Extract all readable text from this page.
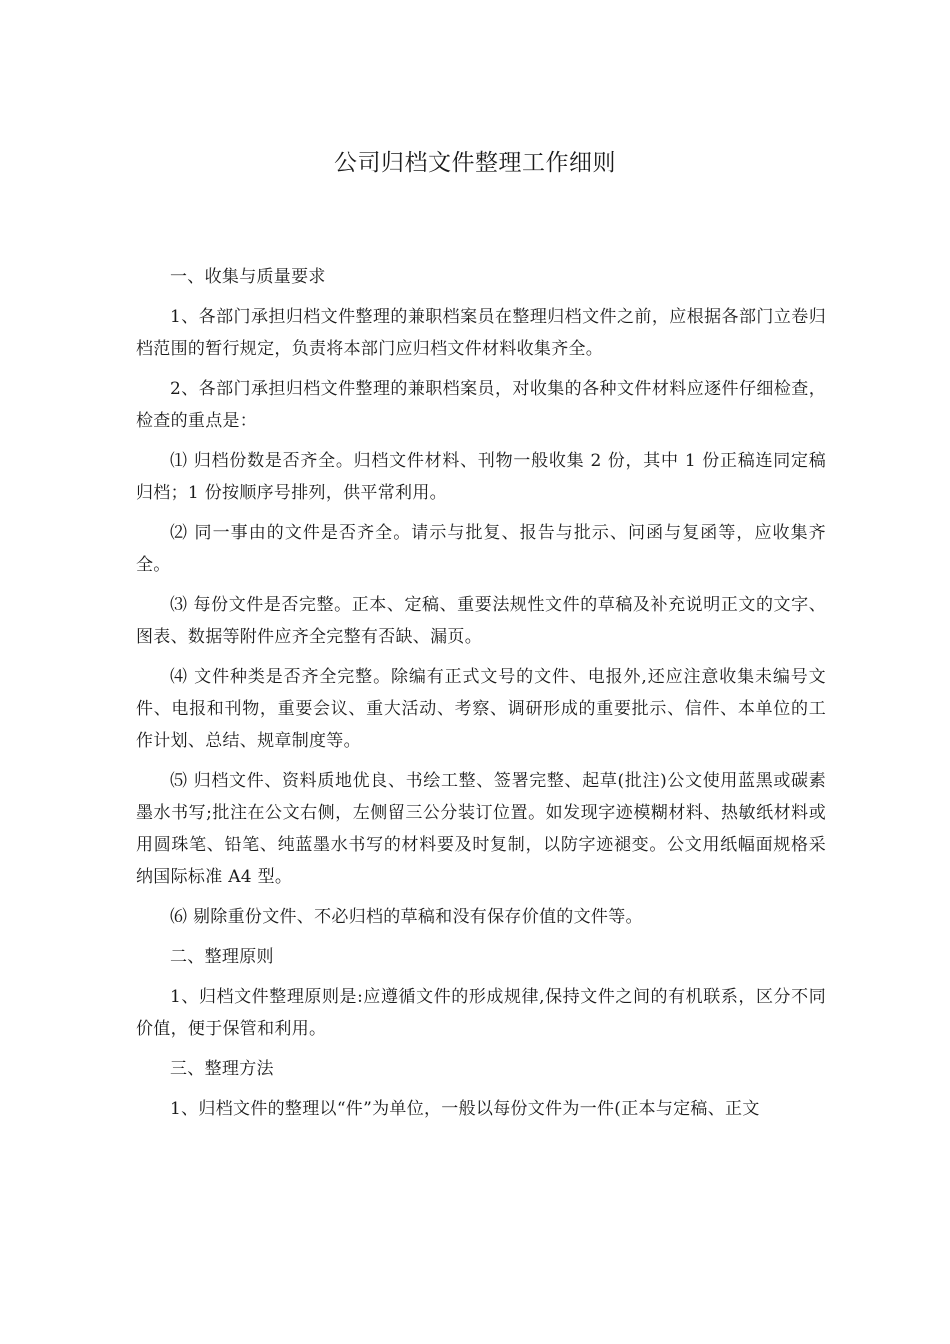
公司归档文件整理工作细则

一、收集与质量要求

1、各部门承担归档文件整理的兼职档案员在整理归档文件之前，应根据各部门立卷归档范围的暂行规定，负责将本部门应归档文件材料收集齐全。

2、各部门承担归档文件整理的兼职档案员，对收集的各种文件材料应逐件仔细检查，检查的重点是：

⑴ 归档份数是否齐全。归档文件材料、刊物一般收集 2 份，其中 1 份正稿连同定稿归档；1 份按顺序号排列，供平常利用。

⑵ 同一事由的文件是否齐全。请示与批复、报告与批示、问函与复函等，应收集齐全。

⑶ 每份文件是否完整。正本、定稿、重要法规性文件的草稿及补充说明正文的文字、图表、数据等附件应齐全完整有否缺、漏页。

⑷ 文件种类是否齐全完整。除编有正式文号的文件、电报外,还应注意收集未编号文件、电报和刊物，重要会议、重大活动、考察、调研形成的重要批示、信件、本单位的工作计划、总结、规章制度等。

⑸ 归档文件、资料质地优良、书绘工整、签署完整、起草(批注)公文使用蓝黑或碳素墨水书写;批注在公文右侧，左侧留三公分装订位置。如发现字迹模糊材料、热敏纸材料或用圆珠笔、铅笔、纯蓝墨水书写的材料要及时复制，以防字迹褪变。公文用纸幅面规格采纳国际标准 A4 型。

⑹ 剔除重份文件、不必归档的草稿和没有保存价值的文件等。

二、整理原则

1、归档文件整理原则是:应遵循文件的形成规律,保持文件之间的有机联系，区分不同价值，便于保管和利用。

三、整理方法

1、归档文件的整理以“件”为单位，一般以每份文件为一件(正本与定稿、正文
